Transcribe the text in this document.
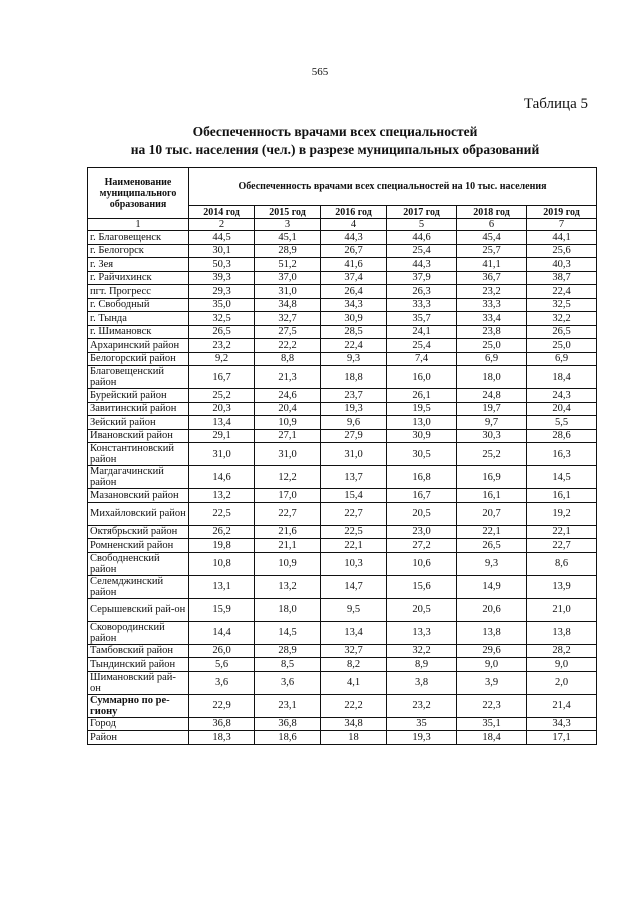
565
Таблица 5
Обеспеченность врачами всех специальностей
на 10 тыс. населения (чел.) в разрезе муниципальных образований
Наименование муниципального образования	Обеспеченность врачами всех специальностей на 10 тыс. населения					
	2014 год	2015 год	2016 год	2017 год	2018 год	2019 год
1	2	3	4	5	6	7
г. Благовещенск	44,5	45,1	44,3	44,6	45,4	44,1
г. Белогорск	30,1	28,9	26,7	25,4	25,7	25,6
г. Зея	50,3	51,2	41,6	44,3	41,1	40,3
г. Райчихинск	39,3	37,0	37,4	37,9	36,7	38,7
пгт. Прогресс	29,3	31,0	26,4	26,3	23,2	22,4
г. Свободный	35,0	34,8	34,3	33,3	33,3	32,5
г. Тында	32,5	32,7	30,9	35,7	33,4	32,2
г. Шимановск	26,5	27,5	28,5	24,1	23,8	26,5
Архаринский район	23,2	22,2	22,4	25,4	25,0	25,0
Белогорский район	9,2	8,8	9,3	7,4	6,9	6,9
Благовещенский район	16,7	21,3	18,8	16,0	18,0	18,4
Бурейский район	25,2	24,6	23,7	26,1	24,8	24,3
Завитинский район	20,3	20,4	19,3	19,5	19,7	20,4
Зейский район	13,4	10,9	9,6	13,0	9,7	5,5
Ивановский район	29,1	27,1	27,9	30,9	30,3	28,6
Константиновский район	31,0	31,0	31,0	30,5	25,2	16,3
Магдагачинский район	14,6	12,2	13,7	16,8	16,9	14,5
Мазановский район	13,2	17,0	15,4	16,7	16,1	16,1
Михайловский район	22,5	22,7	22,7	20,5	20,7	19,2
Октябрьский район	26,2	21,6	22,5	23,0	22,1	22,1
Ромненский район	19,8	21,1	22,1	27,2	26,5	22,7
Свободненский район	10,8	10,9	10,3	10,6	9,3	8,6
Селемджинский район	13,1	13,2	14,7	15,6	14,9	13,9
Серышевский рай-он	15,9	18,0	9,5	20,5	20,6	21,0
Сковородинский район	14,4	14,5	13,4	13,3	13,8	13,8
Тамбовский район	26,0	28,9	32,7	32,2	29,6	28,2
Тындинский район	5,6	8,5	8,2	8,9	9,0	9,0
Шимановский рай-он	3,6	3,6	4,1	3,8	3,9	2,0
Суммарно по ре-гиону	22,9	23,1	22,2	23,2	22,3	21,4
Город	36,8	36,8	34,8	35	35,1	34,3
Район	18,3	18,6	18	19,3	18,4	17,1
